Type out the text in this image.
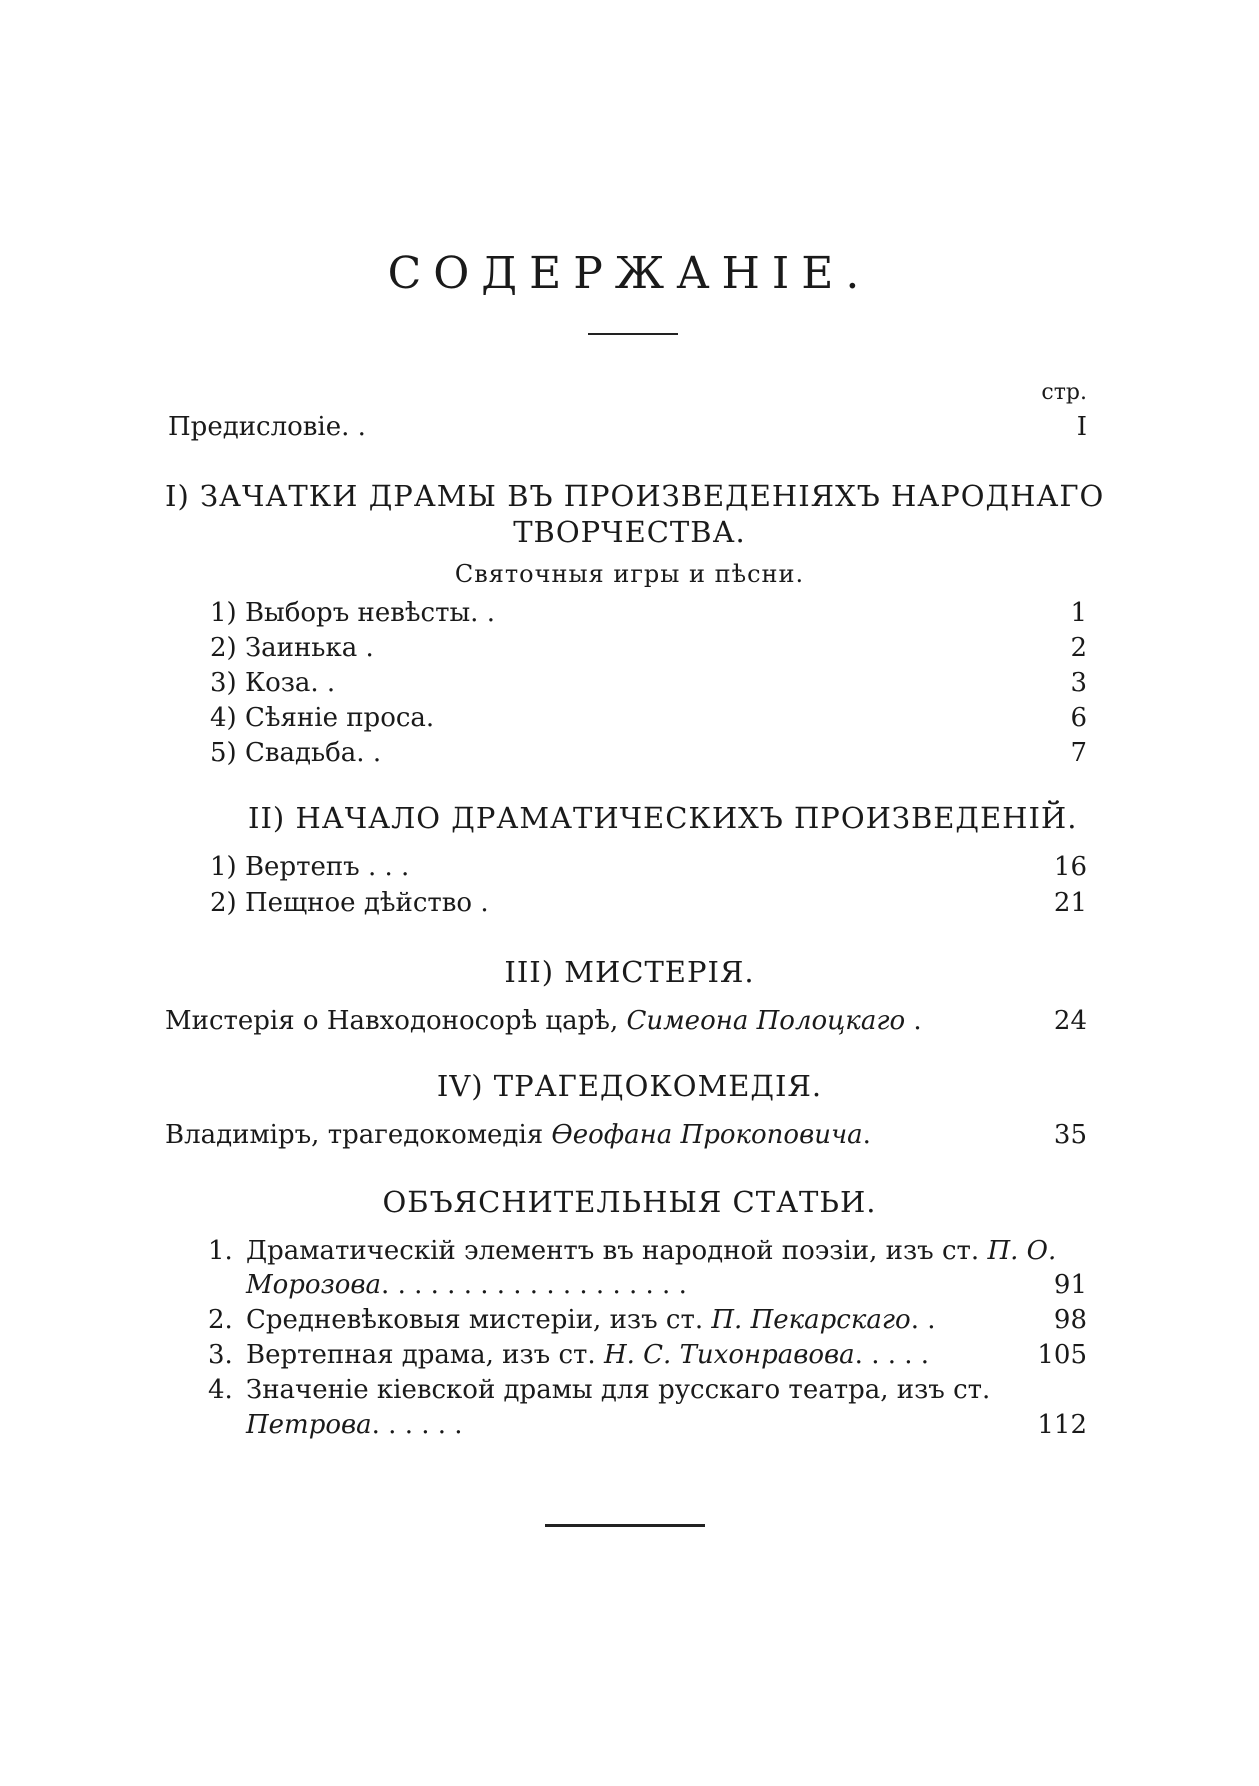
СОДЕРЖАНІЕ.
стр.
Предисловіе. .	I
I) ЗАЧАТКИ ДРАМЫ ВЪ ПРОИЗВЕДЕНІЯХЪ НАРОДНАГО
ТВОРЧЕСТВА.
Святочныя игры и пѣсни.
1) Выборъ невѣсты. .	1
2) Заинька .	2
3) Коза. .	3
4) Сѣяніе проса.	6
5) Свадьба. .	7
II) НАЧАЛО ДРАМАТИЧЕСКИХЪ ПРОИЗВЕДЕНІЙ.
1) Вертепъ . . .	16
2) Пещное дѣйство .	21
III) МИСТЕРІЯ.
Мистерія о Навходоносорѣ царѣ, Симеона Полоцкаго .	24
IV) ТРАГЕДОКОМЕДІЯ.
Владиміръ, трагедокомедія Ѳеофана Прокоповича.	35
ОБЪЯСНИТЕЛЬНЫЯ СТАТЬИ.
1. Драматическій элементъ въ народной поэзіи, изъ ст. П. О.
Морозова. . . . . . . . . . . . . . . . . . .	91
2. Средневѣковыя мистеріи, изъ ст. П. Пекарскаго. .	98
3. Вертепная драма, изъ ст. Н. С. Тихонравова. . . . .	105
4. Значеніе кіевской драмы для русскаго театра, изъ ст.
Петрова. . . . . .	112
